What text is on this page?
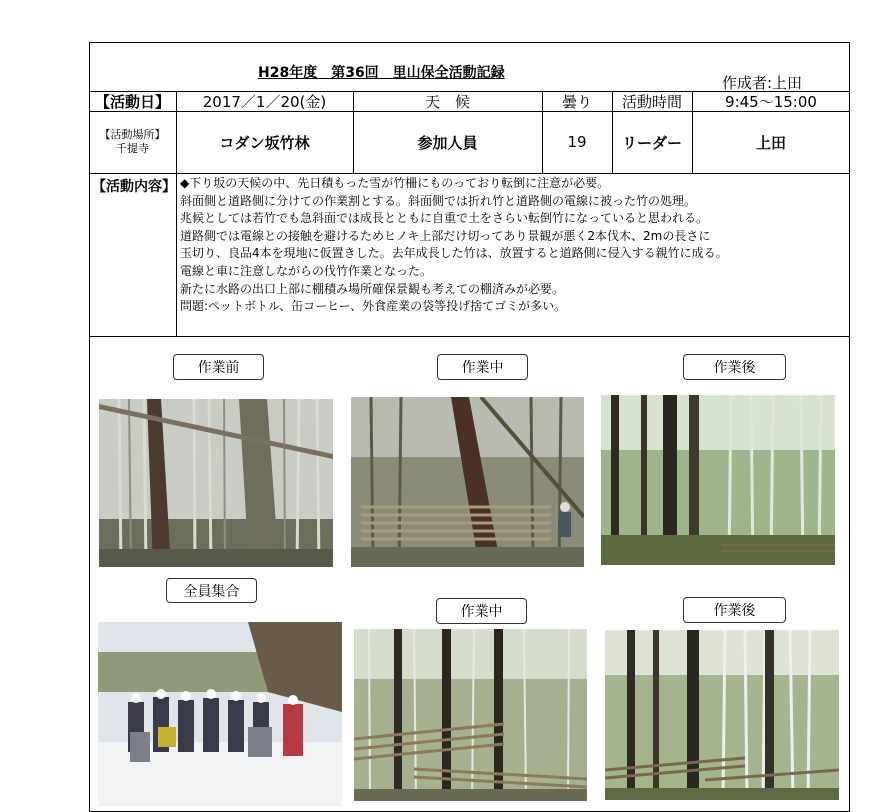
H28年度　第36回　里山保全活動記録
作成者:上田
【活動日】	2017／1／20(金)	天　候	曇り	活動時間	9:45～15:00
【活動場所】
千提寺	コダン坂竹林	参加人員	19	リーダー	上田
【活動内容】 ◆下り坂の天候の中、先日積もった雪が竹柵にものっており転倒に注意が必要。
斜面側と道路側に分けての作業割とする。斜面側では折れ竹と道路側の電線に被った竹の処理。
兆候としては若竹でも急斜面では成長とともに自重で土をさらい転倒竹になっていると思われる。
道路側では電線との接触を避けるためヒノキ上部だけ切ってあり景観が悪く2本伐木、2mの長さに
玉切り、良品4本を現地に仮置きした。去年成長した竹は、放置すると道路側に侵入する親竹に成る。
電線と車に注意しながらの伐竹作業となった。
新たに水路の出口上部に棚積み場所確保景観も考えての棚済みが必要。
問題:ペットボトル、缶コーヒー、外食産業の袋等投げ捨てゴミが多い。
作業前	作業中	作業後
全員集合
作業中	作業後
